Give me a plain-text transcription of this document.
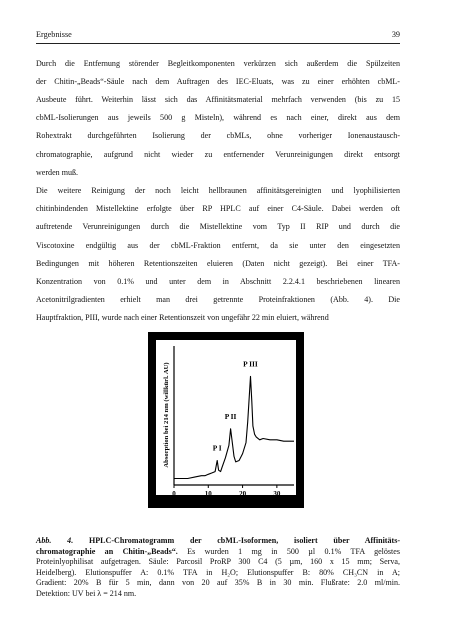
Ergebnisse	39
Durch die Entfernung störender Begleitkomponenten verkürzen sich außerdem die Spülzeiten
der Chitin-„Beads“-Säule nach dem Auftragen des IEC-Eluats, was zu einer erhöhten cbML-
Ausbeute führt. Weiterhin lässt sich das Affinitätsmaterial mehrfach verwenden (bis zu 15
cbML-Isolierungen aus jeweils 500 g Misteln), während es nach einer, direkt aus dem
Rohextrakt durchgeführten Isolierung der cbMLs, ohne vorheriger Ionenaustausch-
chromatographie, aufgrund nicht wieder zu entfernender Verunreinigungen direkt entsorgt
werden muß.
Die weitere Reinigung der noch leicht hellbraunen affinitätsgereinigten und lyophilisierten
chitinbindenden Mistellektine erfolgte über RP HPLC auf einer C4-Säule. Dabei werden oft
auftretende Verunreinigungen durch die Mistellektine vom Typ II RIP und durch die
Viscotoxine endgültig aus der cbML-Fraktion entfernt, da sie unter den eingesetzten
Bedingungen mit höheren Retentionszeiten eluieren (Daten nicht gezeigt). Bei einer TFA-
Konzentration von 0.1% und unter dem in Abschnitt 2.2.4.1 beschriebenen linearen
Acetonitrilgradienten erhielt man drei getrennte Proteinfraktionen (Abb. 4). Die
Hauptfraktion, PIII, wurde nach einer Retentionszeit von ungefähr 22 min eluiert, während
0	10	20	30
Zeit (min)
Absorption bei 214 nm (willkürl. AU)	P I
P II
P III
Abb. 4. HPLC-Chromatogramm der cbML-Isoformen, isoliert über Affinitäts-
chromatographie an Chitin-„Beads“. Es wurden 1 mg in 500 µl 0.1% TFA gelöstes
Proteinlyophilisat aufgetragen. Säule: Parcosil ProRP 300 C4 (5 µm, 160 x 15 mm; Serva,
Heidelberg). Elutionspuffer A: 0.1% TFA in H₂O; Elutionspuffer B: 80% CH₃CN in A;
Gradient: 20% B für 5 min, dann von 20 auf 35% B in 30 min. Flußrate: 2.0 ml/min.
Detektion: UV bei λ = 214 nm.
